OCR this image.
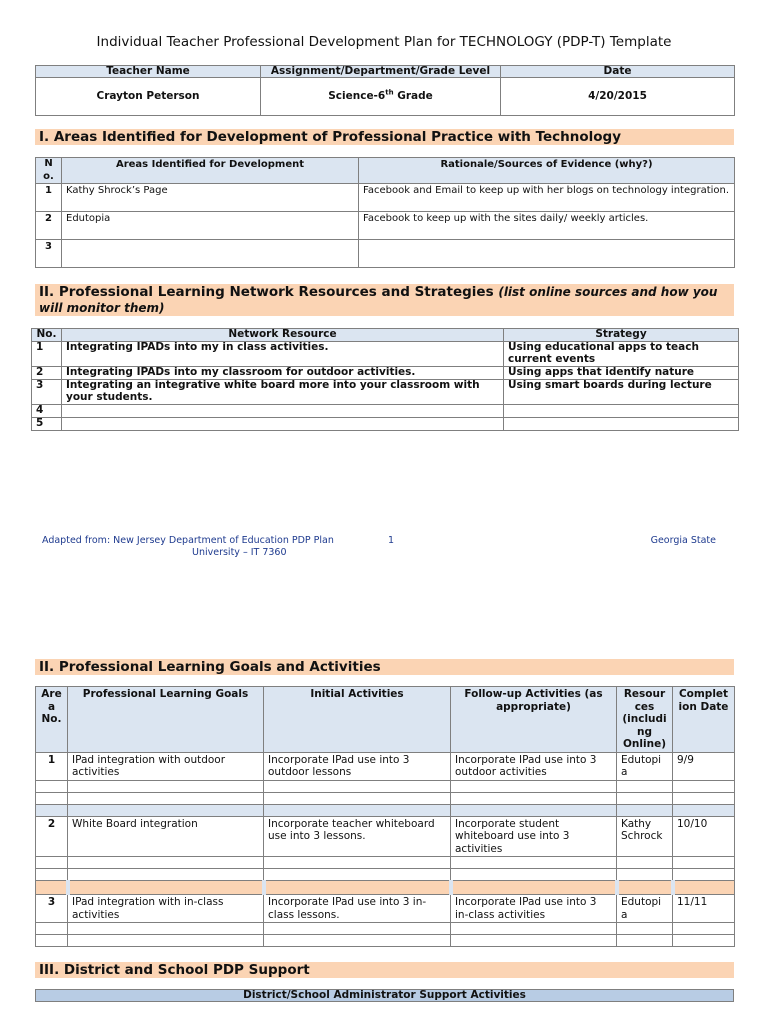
Individual Teacher Professional Development Plan for TECHNOLOGY (PDP-T) Template
Teacher Name	Assignment/Department/Grade Level	Date
Crayton Peterson	Science-6th Grade	4/20/2015
I. Areas Identified for Development of Professional Practice with Technology
N o.	Areas Identified for Development	Rationale/Sources of Evidence (why?)
1	Kathy Shrock’s Page	Facebook and Email to keep up with her blogs on technology integration.
2	Edutopia	Facebook to keep up with the sites daily/ weekly articles.
3		
II. Professional Learning Network Resources and Strategies (list online sources and how you will monitor them)
No.	Network Resource	Strategy
1	Integrating IPADs into my in class activities.	Using educational apps to teach current events
2	Integrating IPADs into my classroom for outdoor activities.	Using apps that identify nature
3	Integrating an integrative white board more into your classroom with your students.	Using smart boards during lecture
4		
5		
Adapted from: New Jersey Department of Education PDP Plan	1	Georgia State
University – IT 7360
II. Professional Learning Goals and Activities
Are a No.	Professional Learning Goals	Initial Activities	Follow-up Activities (as appropriate)	Resour ces (includi ng Online)	Complet ion Date
1	IPad integration with outdoor activities	Incorporate IPad use into 3 outdoor lessons	Incorporate IPad use into 3 outdoor activities	Edutopi a	9/9

2	White Board integration	Incorporate teacher whiteboard use into 3 lessons.	Incorporate student whiteboard use into 3 activities	Kathy Schrock	10/10

3	IPad integration with in-class activities	Incorporate IPad use into 3 in-class lessons.	Incorporate IPad use into 3 in-class activities	Edutopi a	11/11

III. District and School PDP Support
District/School Administrator Support Activities
